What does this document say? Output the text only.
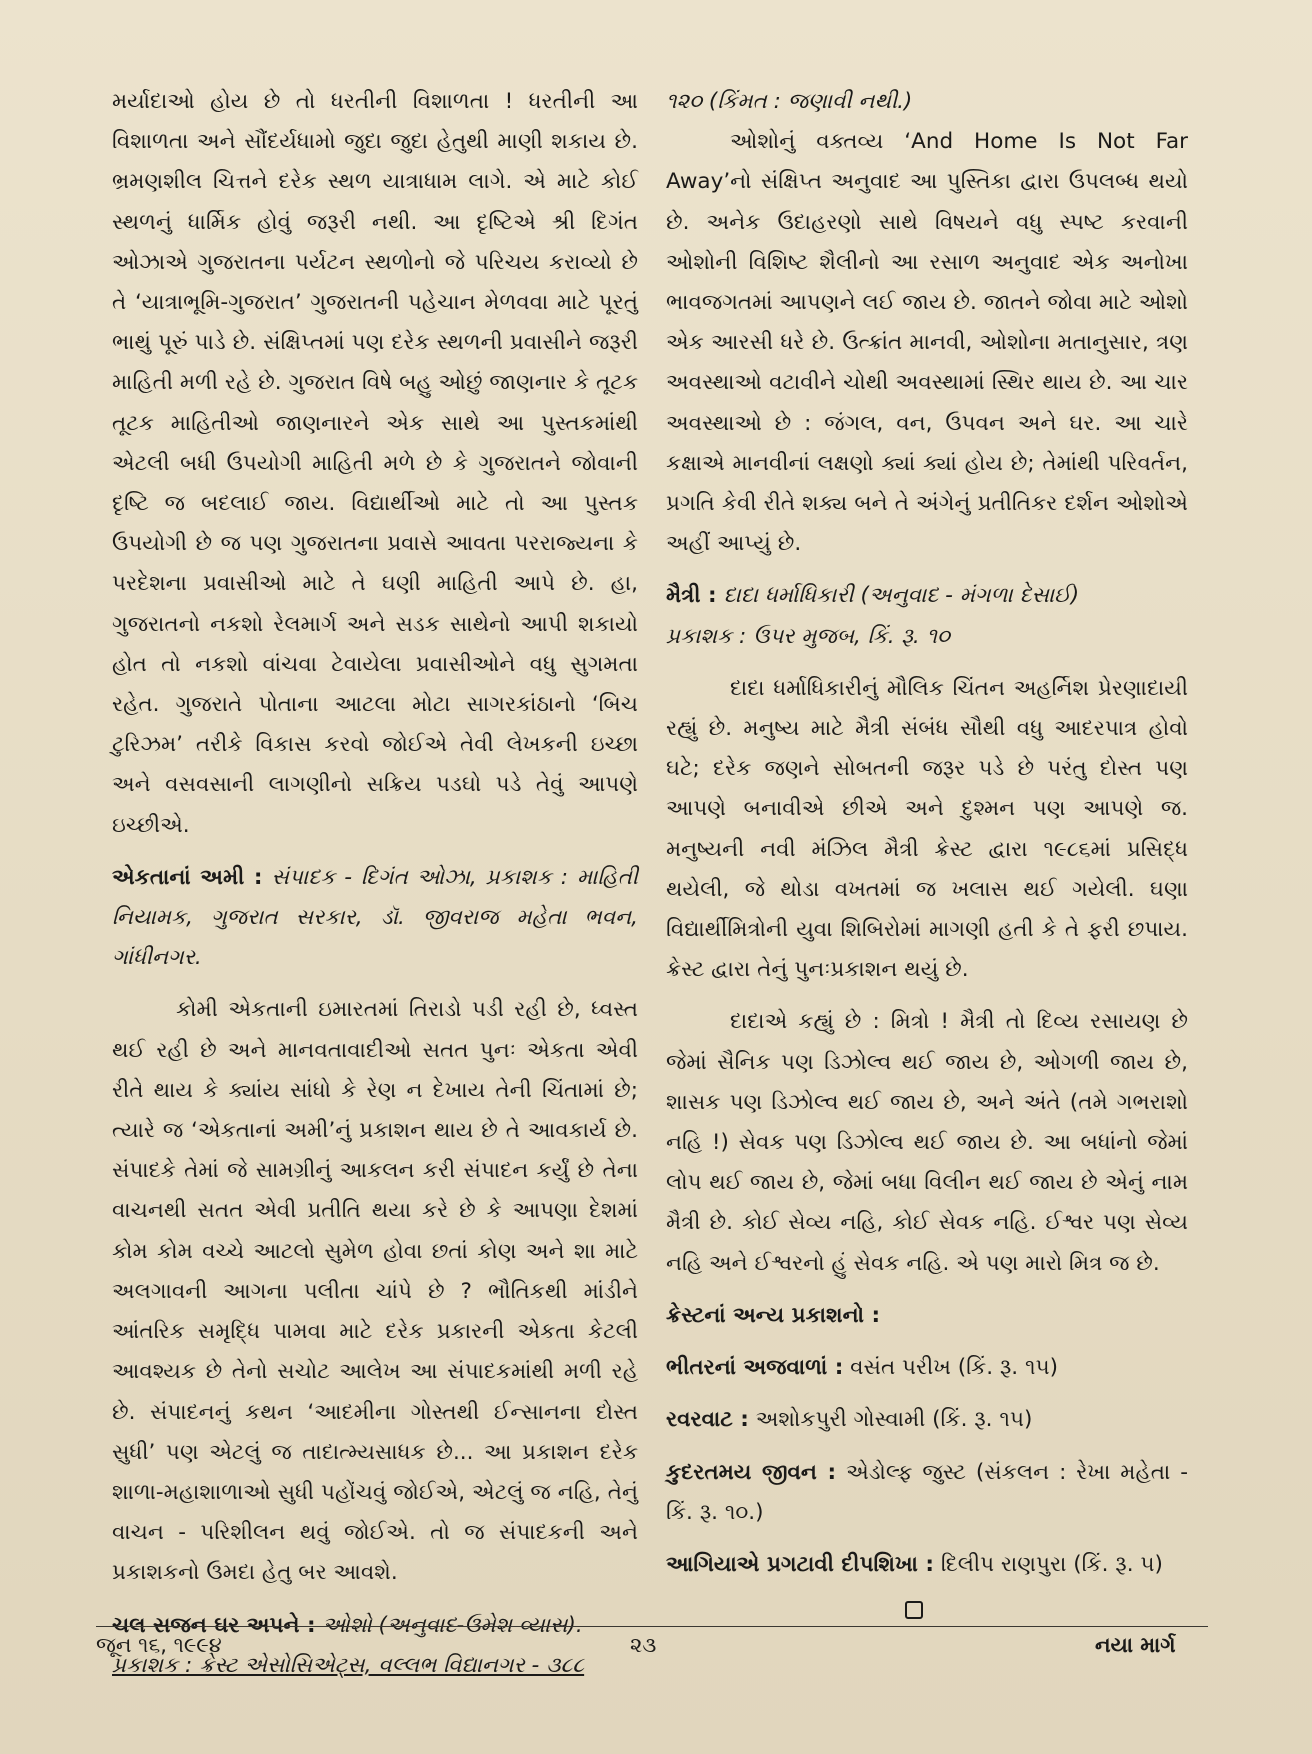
મર્યાદાઓ હોય છે તો ધરતીની વિશાળતા ! ધરતીની આ વિશાળતા અને સૌંદર્યધામો જુદા જુદા હેતુથી માણી શકાય છે. ભ્રમણશીલ ચિત્તને દરેક સ્થળ યાત્રાધામ લાગે. એ માટે કોઈ સ્થળનું ધાર્મિક હોવું જરૂરી નથી. આ દૃષ્ટિએ શ્રી દિગંત ઓઝાએ ગુજરાતના પર્યટન સ્થળોનો જે પરિચય કરાવ્યો છે તે ‘યાત્રાભૂમિ-ગુજરાત’ ગુજરાતની પહેચાન મેળવવા માટે પૂરતું ભાથું પૂરું પાડે છે. સંક્ષિપ્તમાં પણ દરેક સ્થળની પ્રવાસીને જરૂરી માહિતી મળી રહે છે. ગુજરાત વિષે બહુ ઓછું જાણનાર કે તૂટક તૂટક માહિતીઓ જાણનારને એક સાથે આ પુસ્તકમાંથી એટલી બધી ઉપયોગી માહિતી મળે છે કે ગુજરાતને જોવાની દૃષ્ટિ જ બદલાઈ જાય. વિદ્યાર્થીઓ માટે તો આ પુસ્તક ઉપયોગી છે જ પણ ગુજરાતના પ્રવાસે આવતા પરરાજ્યના કે પરદેશના પ્રવાસીઓ માટે તે ઘણી માહિતી આપે છે. હા, ગુજરાતનો નકશો રેલમાર્ગ અને સડક સાથેનો આપી શકાયો હોત તો નકશો વાંચવા ટેવાયેલા પ્રવાસીઓને વધુ સુગમતા રહેત. ગુજરાતે પોતાના આટલા મોટા સાગરકાંઠાનો ‘બિચ ટુરિઝમ’ તરીકે વિકાસ કરવો જોઈએ તેવી લેખકની ઇચ્છા અને વસવસાની લાગણીનો સક્રિય પડઘો પડે તેવું આપણે ઇચ્છીએ.

એકતાનાં અમી : સંપાદક - દિગંત ઓઝા, પ્રકાશક : માહિતી નિયામક, ગુજરાત સરકાર, ડૉ. જીવરાજ મહેતા ભવન, ગાંધીનગર.

કોમી એકતાની ઇમારતમાં તિરાડો પડી રહી છે, ધ્વસ્ત થઈ રહી છે અને માનવતાવાદીઓ સતત પુનઃ એકતા એવી રીતે થાય કે ક્યાંય સાંધો કે રેણ ન દેખાય તેની ચિંતામાં છે; ત્યારે જ ‘એકતાનાં અમી’નું પ્રકાશન થાય છે તે આવકાર્ય છે. સંપાદકે તેમાં જે સામગ્રીનું આકલન કરી સંપાદન કર્યું છે તેના વાચનથી સતત એવી પ્રતીતિ થયા કરે છે કે આપણા દેશમાં કોમ કોમ વચ્ચે આટલો સુમેળ હોવા છતાં કોણ અને શા માટે અલગાવની આગના પલીતા ચાંપે છે ? ભૌતિકથી માંડીને આંતરિક સમૃદ્ધિ પામવા માટે દરેક પ્રકારની એકતા કેટલી આવશ્યક છે તેનો સચોટ આલેખ આ સંપાદકમાંથી મળી રહે છે. સંપાદનનું કથન ‘આદમીના ગોસ્તથી ઈન્સાનના દોસ્ત સુધી’ પણ એટલું જ તાદાત્મ્યસાધક છે... આ પ્રકાશન દરેક શાળા-મહાશાળાઓ સુધી પહોંચવું જોઈએ, એટલું જ નહિ, તેનું વાચન - પરિશીલન થવું જોઈએ. તો જ સંપાદકની અને પ્રકાશકનો ઉમદા હેતુ બર આવશે.

ચલ સજન ઘર અપને : ઓશો (અનુવાદ-ઉમેશ વ્યાસ).

પ્રકાશક : ક્રેસ્ટ એસોસિએટ્સ, વલ્લભ વિદ્યાનગર - ૩૮૮

૧૨૦ (કિંમત : જણાવી નથી.)

ઓશોનું વક્તવ્ય ‘And Home Is Not Far Away’નો સંક્ષિપ્ત અનુવાદ આ પુસ્તિકા દ્વારા ઉપલબ્ધ થયો છે. અનેક ઉદાહરણો સાથે વિષયને વધુ સ્પષ્ટ કરવાની ઓશોની વિશિષ્ટ શૈલીનો આ રસાળ અનુવાદ એક અનોખા ભાવજગતમાં આપણને લઈ જાય છે. જાતને જોવા માટે ઓશો એક આરસી ધરે છે. ઉત્ક્રાંત માનવી, ઓશોના મતાનુસાર, ત્રણ અવસ્થાઓ વટાવીને ચોથી અવસ્થામાં સ્થિર થાય છે. આ ચાર અવસ્થાઓ છે : જંગલ, વન, ઉપવન અને ઘર. આ ચારે કક્ષાએ માનવીનાં લક્ષણો ક્યાં ક્યાં હોય છે; તેમાંથી પરિવર્તન, પ્રગતિ કેવી રીતે શક્ય બને તે અંગેનું પ્રતીતિકર દર્શન ઓશોએ અહીં આપ્યું છે.

મૈત્રી : દાદા ધર્માધિકારી (અનુવાદ - મંગળા દેસાઈ)

પ્રકાશક : ઉપર મુજબ, કિં. રૂ. ૧૦

દાદા ધર્માધિકારીનું મૌલિક ચિંતન અહર્નિશ પ્રેરણાદાયી રહ્યું છે. મનુષ્ય માટે મૈત્રી સંબંધ સૌથી વધુ આદરપાત્ર હોવો ઘટે; દરેક જણને સોબતની જરૂર પડે છે પરંતુ દોસ્ત પણ આપણે બનાવીએ છીએ અને દુશ્મન પણ આપણે જ. મનુષ્યની નવી મંઝિલ મૈત્રી ક્રેસ્ટ દ્વારા ૧૯૮૬માં પ્રસિદ્ધ થયેલી, જે થોડા વખતમાં જ ખલાસ થઈ ગયેલી. ઘણા વિદ્યાર્થીમિત્રોની યુવા શિબિરોમાં માગણી હતી કે તે ફરી છપાય. ક્રેસ્ટ દ્વારા તેનું પુનઃપ્રકાશન થયું છે.

દાદાએ કહ્યું છે : મિત્રો ! મૈત્રી તો દિવ્ય રસાયણ છે જેમાં સૈનિક પણ ડિઝોલ્વ થઈ જાય છે, ઓગળી જાય છે, શાસક પણ ડિઝોલ્વ થઈ જાય છે, અને અંતે (તમે ગભરાશો નહિ !) સેવક પણ ડિઝોલ્વ થઈ જાય છે. આ બધાંનો જેમાં લોપ થઈ જાય છે, જેમાં બધા વિલીન થઈ જાય છે એનું નામ મૈત્રી છે. કોઈ સેવ્ય નહિ, કોઈ સેવક નહિ. ઈશ્વર પણ સેવ્ય નહિ અને ઈશ્વરનો હું સેવક નહિ. એ પણ મારો મિત્ર જ છે.

ક્રેસ્ટનાં અન્ય પ્રકાશનો :

ભીતરનાં અજવાળાં : વસંત પરીખ (કિં. રૂ. ૧૫)

રવરવાટ : અશોકપુરી ગોસ્વામી (કિં. રૂ. ૧૫)

કુદરતમય જીવન : એડોલ્ફ જુસ્ટ (સંકલન : રેખા મહેતા - કિં. રૂ. ૧૦.)

આગિયાએ પ્રગટાવી દીપશિખા : દિલીપ રાણપુરા (કિં. રૂ. ૫)

જૂન ૧૬, ૧૯૯૪	૨૩	નયા માર્ગ
